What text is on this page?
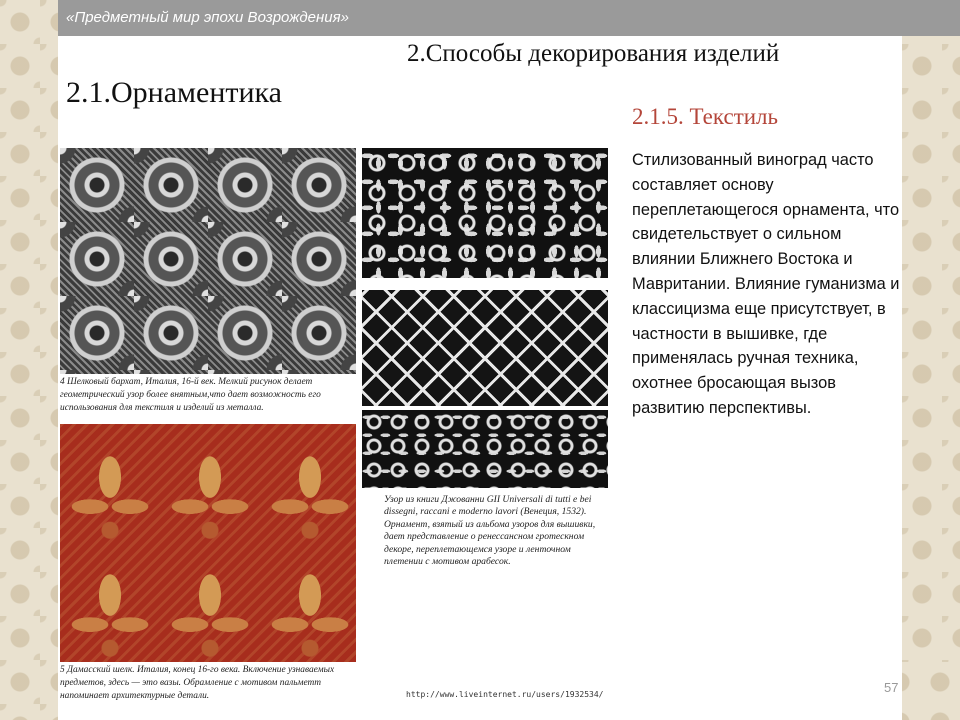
«Предметный мир эпохи Возрождения»
2.Способы декорирования изделий
2.1.Орнаментика
2.1.5. Текстиль
Стилизованный виноград часто составляет основу переплетающегося орнамента, что свидетельствует о сильном влиянии Ближнего Востока и Мавритании. Влияние гуманизма и классицизма еще присутствует, в частности в вышивке, где применялась ручная техника, охотнее бросающая вызов развитию перспективы.
4 Шелковый бархат, Италия, 16-й век. Мелкий рисунок делает геометрический узор более внятным,что дает возможность его использования для текстиля и изделий из металла.
5 Дамасский шелк. Италия, конец 16-го века. Включение узнаваемых предметов, здесь — это вазы. Обрамление с мотивом пальметт напоминает архитектурные детали.
Узор из книги Джованни GII Universali di tutti e bei dissegni, raccani e moderno lavori (Венеция, 1532). Орнамент, взятый из альбома узоров для вышивки, дает представление о ренессансном гротескном декоре, переплетающемся узоре и ленточном плетении с мотивом арабесок.
http://www.liveinternet.ru/users/1932534/	57
